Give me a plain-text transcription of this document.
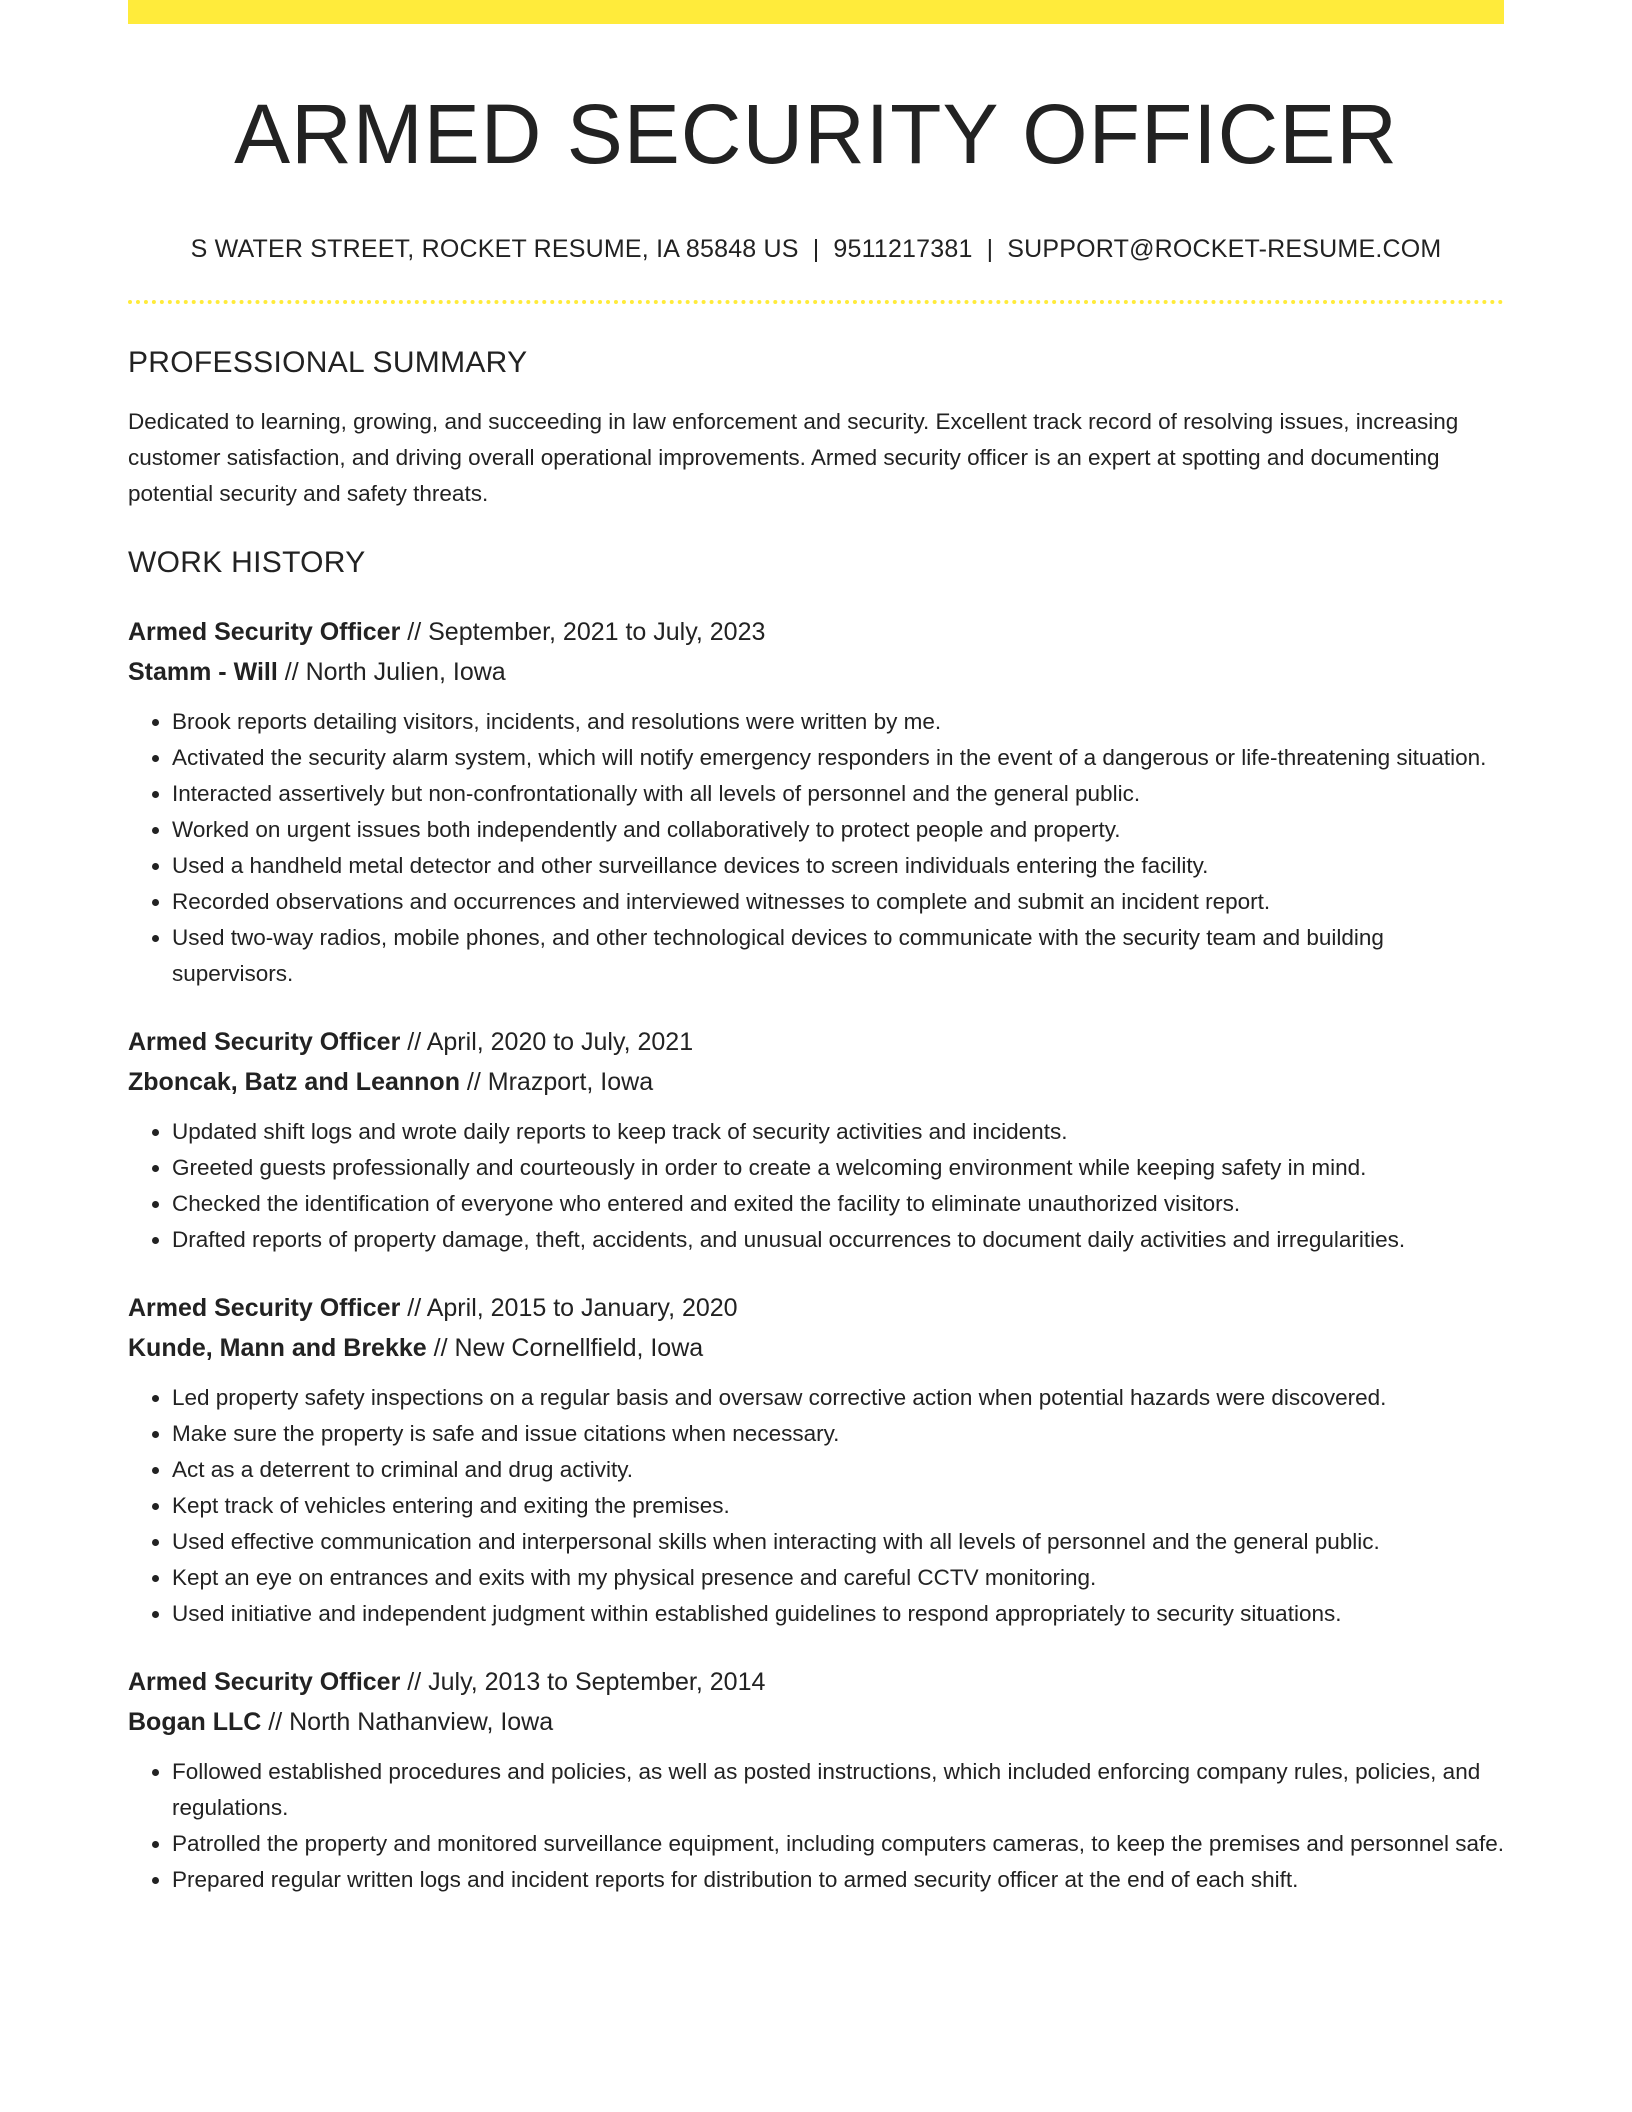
ARMED SECURITY OFFICER
S WATER STREET, ROCKET RESUME, IA 85848 US | 9511217381 | SUPPORT@ROCKET-RESUME.COM
PROFESSIONAL SUMMARY
Dedicated to learning, growing, and succeeding in law enforcement and security. Excellent track record of resolving issues, increasing customer satisfaction, and driving overall operational improvements. Armed security officer is an expert at spotting and documenting potential security and safety threats.
WORK HISTORY
Armed Security Officer // September, 2021 to July, 2023
Stamm - Will // North Julien, Iowa
• Brook reports detailing visitors, incidents, and resolutions were written by me.
• Activated the security alarm system, which will notify emergency responders in the event of a dangerous or life-threatening situation.
• Interacted assertively but non-confrontationally with all levels of personnel and the general public.
• Worked on urgent issues both independently and collaboratively to protect people and property.
• Used a handheld metal detector and other surveillance devices to screen individuals entering the facility.
• Recorded observations and occurrences and interviewed witnesses to complete and submit an incident report.
• Used two-way radios, mobile phones, and other technological devices to communicate with the security team and building supervisors.
Armed Security Officer // April, 2020 to July, 2021
Zboncak, Batz and Leannon // Mrazport, Iowa
• Updated shift logs and wrote daily reports to keep track of security activities and incidents.
• Greeted guests professionally and courteously in order to create a welcoming environment while keeping safety in mind.
• Checked the identification of everyone who entered and exited the facility to eliminate unauthorized visitors.
• Drafted reports of property damage, theft, accidents, and unusual occurrences to document daily activities and irregularities.
Armed Security Officer // April, 2015 to January, 2020
Kunde, Mann and Brekke // New Cornellfield, Iowa
• Led property safety inspections on a regular basis and oversaw corrective action when potential hazards were discovered.
• Make sure the property is safe and issue citations when necessary.
• Act as a deterrent to criminal and drug activity.
• Kept track of vehicles entering and exiting the premises.
• Used effective communication and interpersonal skills when interacting with all levels of personnel and the general public.
• Kept an eye on entrances and exits with my physical presence and careful CCTV monitoring.
• Used initiative and independent judgment within established guidelines to respond appropriately to security situations.
Armed Security Officer // July, 2013 to September, 2014
Bogan LLC // North Nathanview, Iowa
• Followed established procedures and policies, as well as posted instructions, which included enforcing company rules, policies, and regulations.
• Patrolled the property and monitored surveillance equipment, including computers cameras, to keep the premises and personnel safe.
• Prepared regular written logs and incident reports for distribution to armed security officer at the end of each shift.
